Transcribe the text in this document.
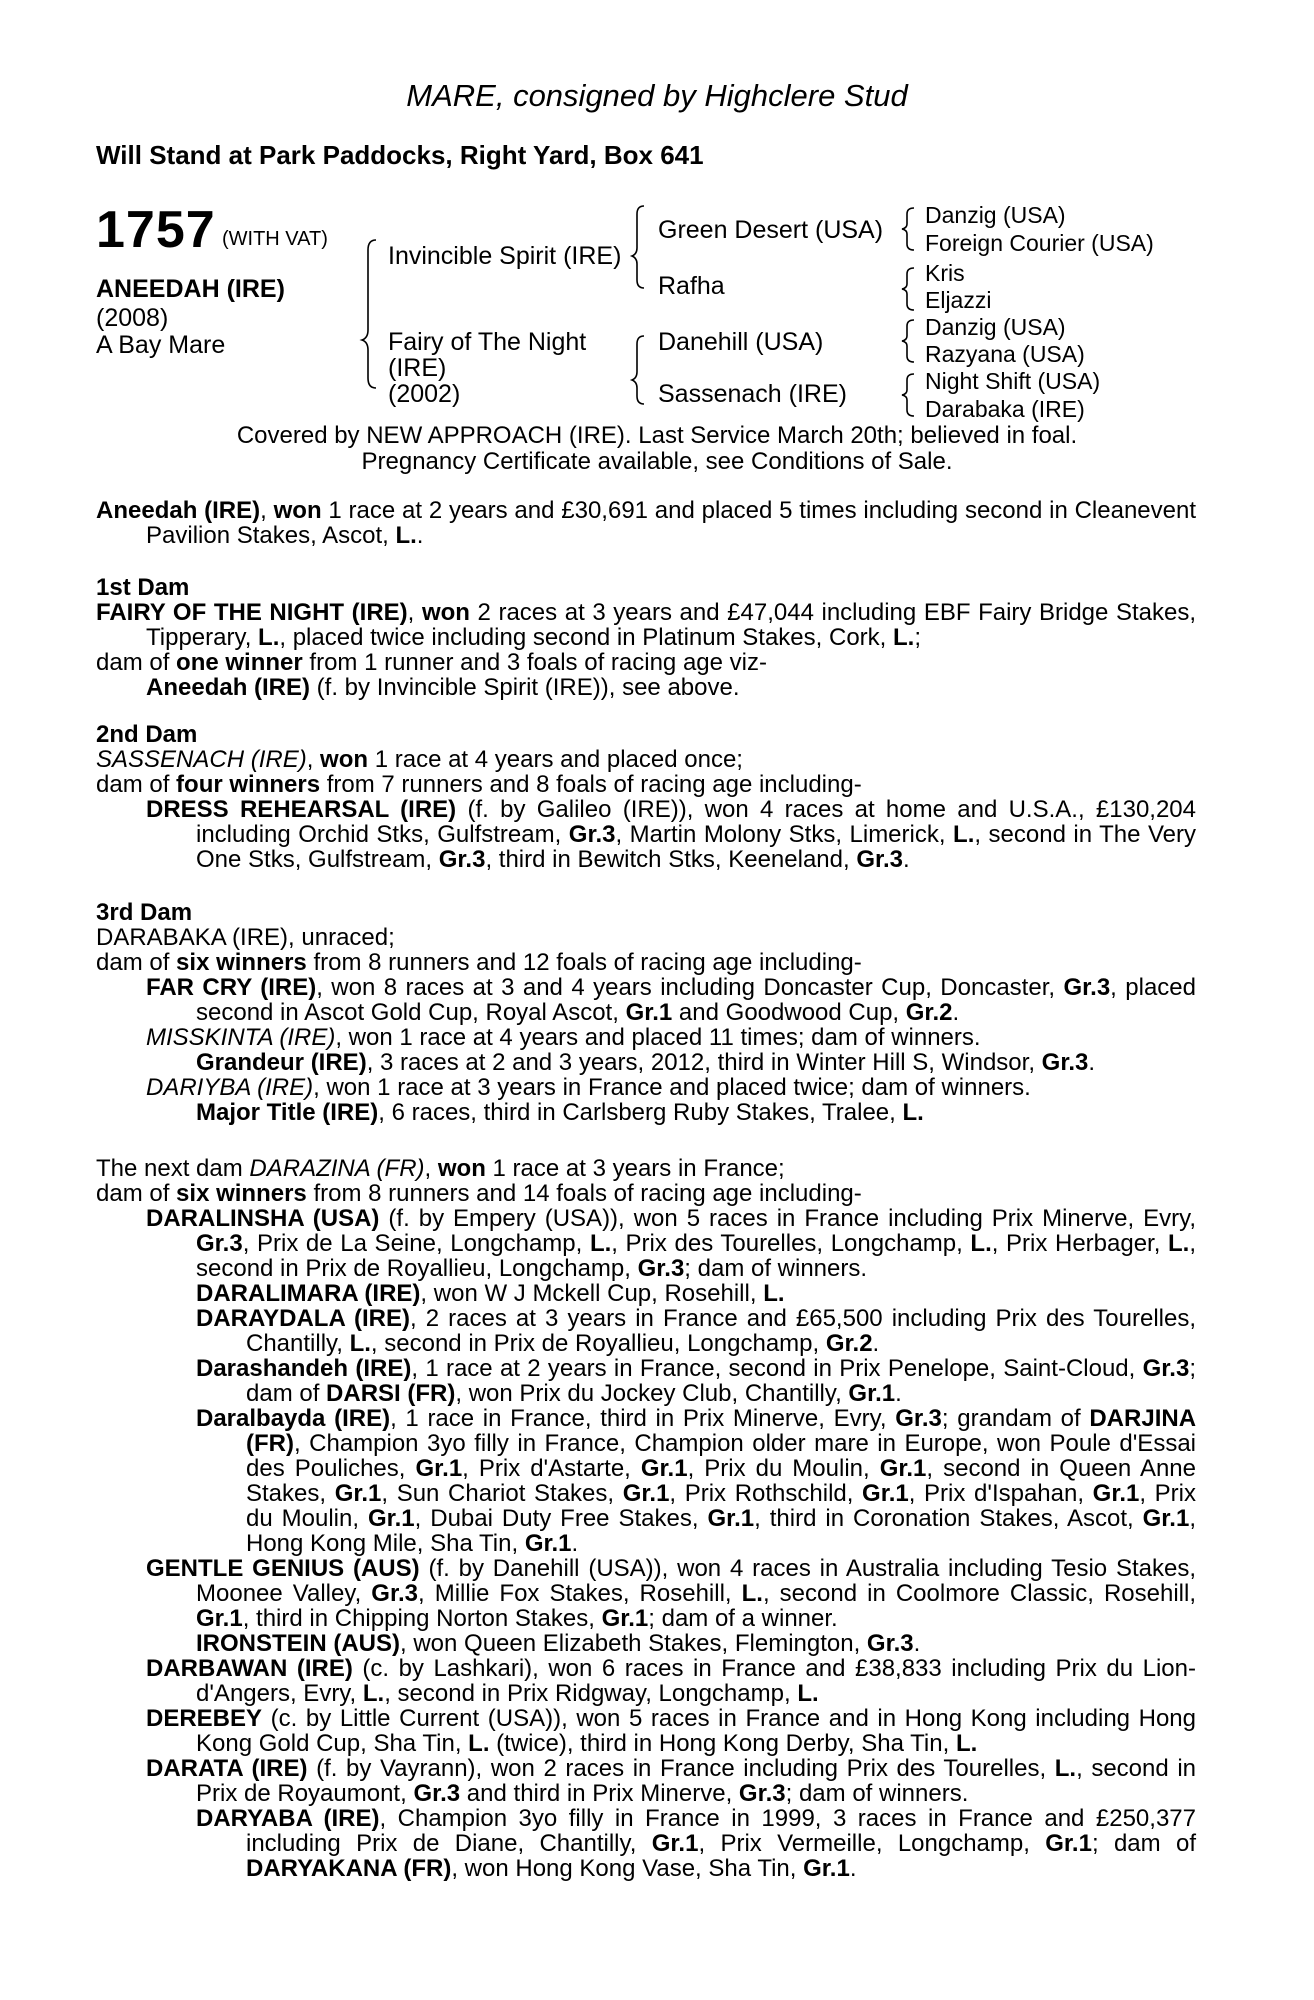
MARE, consigned by Highclere Stud
Will Stand at Park Paddocks, Right Yard, Box 641
1757 (WITH VAT)
ANEEDAH (IRE)
(2008)
A Bay Mare
Invincible Spirit (IRE)
Fairy of The Night
(IRE)
(2002)
Green Desert (USA)
Rafha
Danehill (USA)
Sassenach (IRE)
Danzig (USA)
Foreign Courier (USA)
Kris
Eljazzi
Danzig (USA)
Razyana (USA)
Night Shift (USA)
Darabaka (IRE)
Covered by NEW APPROACH (IRE). Last Service March 20th; believed in foal.
Pregnancy Certificate available, see Conditions of Sale.

Aneedah (IRE), won 1 race at 2 years and £30,691 and placed 5 times including second in Cleanevent Pavilion Stakes, Ascot, L..

1st Dam

FAIRY OF THE NIGHT (IRE), won 2 races at 3 years and £47,044 including EBF Fairy Bridge Stakes, Tipperary, L., placed twice including second in Platinum Stakes, Cork, L.;

dam of one winner from 1 runner and 3 foals of racing age viz-

Aneedah (IRE) (f. by Invincible Spirit (IRE)), see above.

2nd Dam

SASSENACH (IRE), won 1 race at 4 years and placed once;

dam of four winners from 7 runners and 8 foals of racing age including-

DRESS REHEARSAL (IRE) (f. by Galileo (IRE)), won 4 races at home and U.S.A., £130,204 including Orchid Stks, Gulfstream, Gr.3, Martin Molony Stks, Limerick, L., second in The Very One Stks, Gulfstream, Gr.3, third in Bewitch Stks, Keeneland, Gr.3.

3rd Dam

DARABAKA (IRE), unraced;

dam of six winners from 8 runners and 12 foals of racing age including-

FAR CRY (IRE), won 8 races at 3 and 4 years including Doncaster Cup, Doncaster, Gr.3, placed second in Ascot Gold Cup, Royal Ascot, Gr.1 and Goodwood Cup, Gr.2.

MISSKINTA (IRE), won 1 race at 4 years and placed 11 times; dam of winners.

Grandeur (IRE), 3 races at 2 and 3 years, 2012, third in Winter Hill S, Windsor, Gr.3.

DARIYBA (IRE), won 1 race at 3 years in France and placed twice; dam of winners.

Major Title (IRE), 6 races, third in Carlsberg Ruby Stakes, Tralee, L.

The next dam DARAZINA (FR), won 1 race at 3 years in France;

dam of six winners from 8 runners and 14 foals of racing age including-

DARALINSHA (USA) (f. by Empery (USA)), won 5 races in France including Prix Minerve, Evry, Gr.3, Prix de La Seine, Longchamp, L., Prix des Tourelles, Longchamp, L., Prix Herbager, L., second in Prix de Royallieu, Longchamp, Gr.3; dam of winners.

DARALIMARA (IRE), won W J Mckell Cup, Rosehill, L.

DARAYDALA (IRE), 2 races at 3 years in France and £65,500 including Prix des Tourelles, Chantilly, L., second in Prix de Royallieu, Longchamp, Gr.2.

Darashandeh (IRE), 1 race at 2 years in France, second in Prix Penelope, Saint-Cloud, Gr.3; dam of DARSI (FR), won Prix du Jockey Club, Chantilly, Gr.1.

Daralbayda (IRE), 1 race in France, third in Prix Minerve, Evry, Gr.3; grandam of DARJINA (FR), Champion 3yo filly in France, Champion older mare in Europe, won Poule d'Essai des Pouliches, Gr.1, Prix d'Astarte, Gr.1, Prix du Moulin, Gr.1, second in Queen Anne Stakes, Gr.1, Sun Chariot Stakes, Gr.1, Prix Rothschild, Gr.1, Prix d'Ispahan, Gr.1, Prix du Moulin, Gr.1, Dubai Duty Free Stakes, Gr.1, third in Coronation Stakes, Ascot, Gr.1, Hong Kong Mile, Sha Tin, Gr.1.

GENTLE GENIUS (AUS) (f. by Danehill (USA)), won 4 races in Australia including Tesio Stakes, Moonee Valley, Gr.3, Millie Fox Stakes, Rosehill, L., second in Coolmore Classic, Rosehill, Gr.1, third in Chipping Norton Stakes, Gr.1; dam of a winner.

IRONSTEIN (AUS), won Queen Elizabeth Stakes, Flemington, Gr.3.

DARBAWAN (IRE) (c. by Lashkari), won 6 races in France and £38,833 including Prix du Lion-d'Angers, Evry, L., second in Prix Ridgway, Longchamp, L.

DEREBEY (c. by Little Current (USA)), won 5 races in France and in Hong Kong including Hong Kong Gold Cup, Sha Tin, L. (twice), third in Hong Kong Derby, Sha Tin, L.

DARATA (IRE) (f. by Vayrann), won 2 races in France including Prix des Tourelles, L., second in Prix de Royaumont, Gr.3 and third in Prix Minerve, Gr.3; dam of winners.

DARYABA (IRE), Champion 3yo filly in France in 1999, 3 races in France and £250,377 including Prix de Diane, Chantilly, Gr.1, Prix Vermeille, Longchamp, Gr.1; dam of DARYAKANA (FR), won Hong Kong Vase, Sha Tin, Gr.1.
